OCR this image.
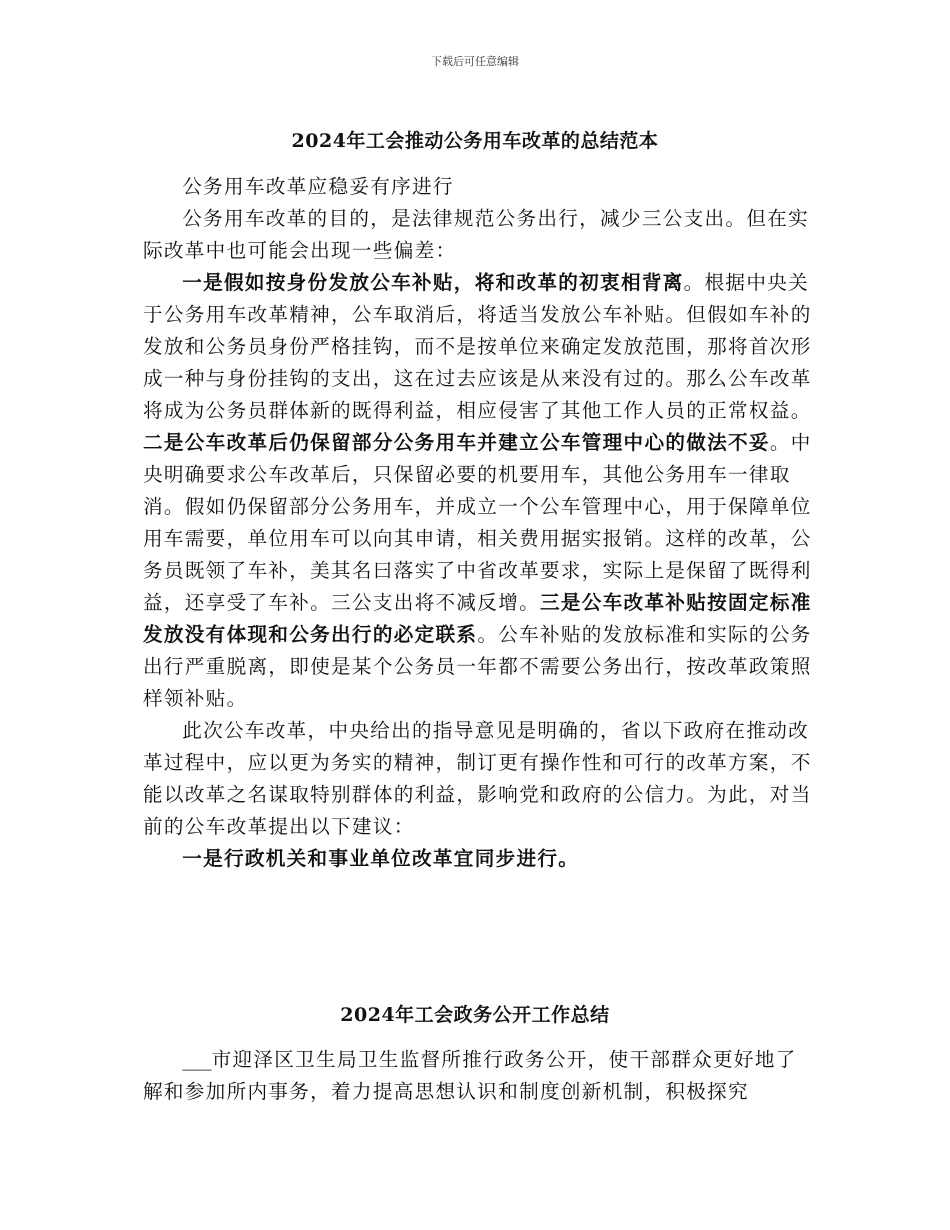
下载后可任意编辑
2024年工会推动公务用车改革的总结范本

公务用车改革应稳妥有序进行

公务用车改革的目的，是法律规范公务出行，减少三公支出。但在实际改革中也可能会出现一些偏差：

一是假如按身份发放公车补贴，将和改革的初衷相背离。根据中央关于公务用车改革精神，公车取消后，将适当发放公车补贴。但假如车补的发放和公务员身份严格挂钩，而不是按单位来确定发放范围，那将首次形成一种与身份挂钩的支出，这在过去应该是从来没有过的。那么公车改革将成为公务员群体新的既得利益，相应侵害了其他工作人员的正常权益。二是公车改革后仍保留部分公务用车并建立公车管理中心的做法不妥。中央明确要求公车改革后，只保留必要的机要用车，其他公务用车一律取消。假如仍保留部分公务用车，并成立一个公车管理中心，用于保障单位用车需要，单位用车可以向其申请，相关费用据实报销。这样的改革，公务员既领了车补，美其名曰落实了中省改革要求，实际上是保留了既得利益，还享受了车补。三公支出将不减反增。三是公车改革补贴按固定标准发放没有体现和公务出行的必定联系。公车补贴的发放标准和实际的公务出行严重脱离，即使是某个公务员一年都不需要公务出行，按改革政策照样领补贴。

此次公车改革，中央给出的指导意见是明确的，省以下政府在推动改革过程中，应以更为务实的精神，制订更有操作性和可行的改革方案，不能以改革之名谋取特别群体的利益，影响党和政府的公信力。为此，对当前的公车改革提出以下建议：

一是行政机关和事业单位改革宜同步进行。

2024年工会政务公开工作总结

___市迎泽区卫生局卫生监督所推行政务公开，使干部群众更好地了解和参加所内事务，着力提高思想认识和制度创新机制，积极探究
